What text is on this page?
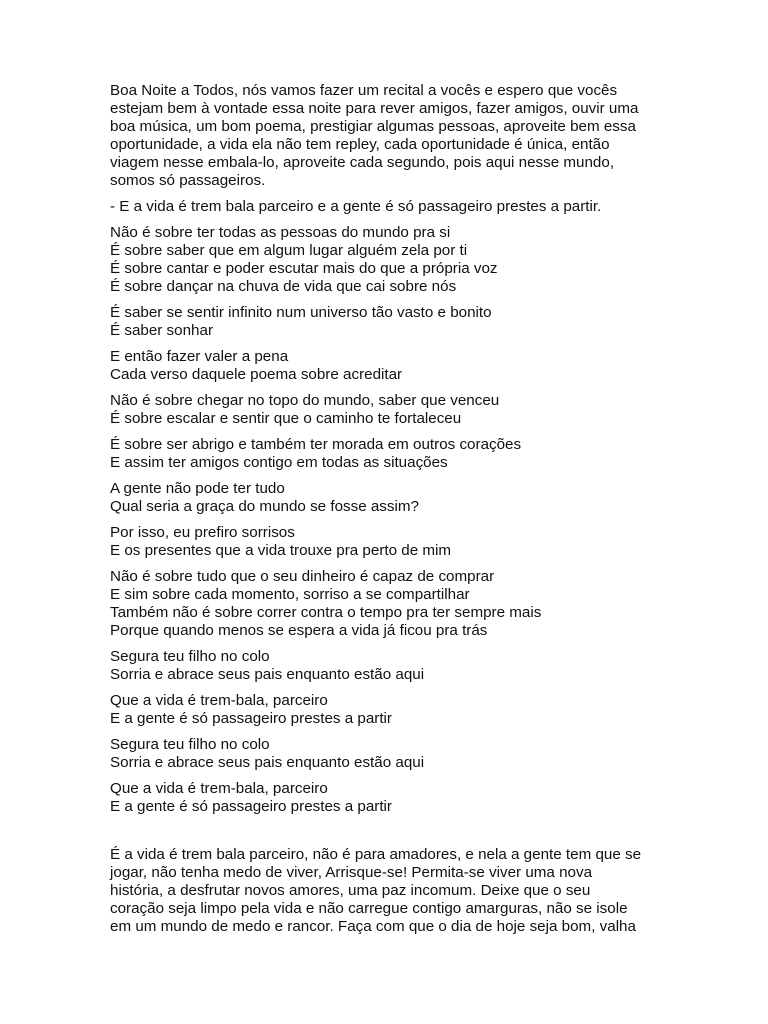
Boa Noite a Todos, nós vamos fazer um recital a vocês e espero que vocês
estejam bem à vontade essa noite para rever amigos, fazer amigos, ouvir uma
boa música, um bom poema, prestigiar algumas pessoas, aproveite bem essa
oportunidade, a vida ela não tem repley, cada oportunidade é única, então
viagem nesse embala-lo, aproveite cada segundo, pois aqui nesse mundo,
somos só passageiros.
- E a vida é trem bala parceiro e a gente é só passageiro prestes a partir.
Não é sobre ter todas as pessoas do mundo pra si
É sobre saber que em algum lugar alguém zela por ti
É sobre cantar e poder escutar mais do que a própria voz
É sobre dançar na chuva de vida que cai sobre nós
É saber se sentir infinito num universo tão vasto e bonito
É saber sonhar
E então fazer valer a pena
Cada verso daquele poema sobre acreditar
Não é sobre chegar no topo do mundo, saber que venceu
É sobre escalar e sentir que o caminho te fortaleceu
É sobre ser abrigo e também ter morada em outros corações
E assim ter amigos contigo em todas as situações
A gente não pode ter tudo
Qual seria a graça do mundo se fosse assim?
Por isso, eu prefiro sorrisos
E os presentes que a vida trouxe pra perto de mim
Não é sobre tudo que o seu dinheiro é capaz de comprar
E sim sobre cada momento, sorriso a se compartilhar
Também não é sobre correr contra o tempo pra ter sempre mais
Porque quando menos se espera a vida já ficou pra trás
Segura teu filho no colo
Sorria e abrace seus pais enquanto estão aqui
Que a vida é trem-bala, parceiro
E a gente é só passageiro prestes a partir
Segura teu filho no colo
Sorria e abrace seus pais enquanto estão aqui
Que a vida é trem-bala, parceiro
E a gente é só passageiro prestes a partir
É a vida é trem bala parceiro, não é para amadores, e nela a gente tem que se
jogar, não tenha medo de viver, Arrisque-se! Permita-se viver uma nova
história, a desfrutar novos amores, uma paz incomum. Deixe que o seu
coração seja limpo pela vida e não carregue contigo amarguras, não se isole
em um mundo de medo e rancor. Faça com que o dia de hoje seja bom, valha
